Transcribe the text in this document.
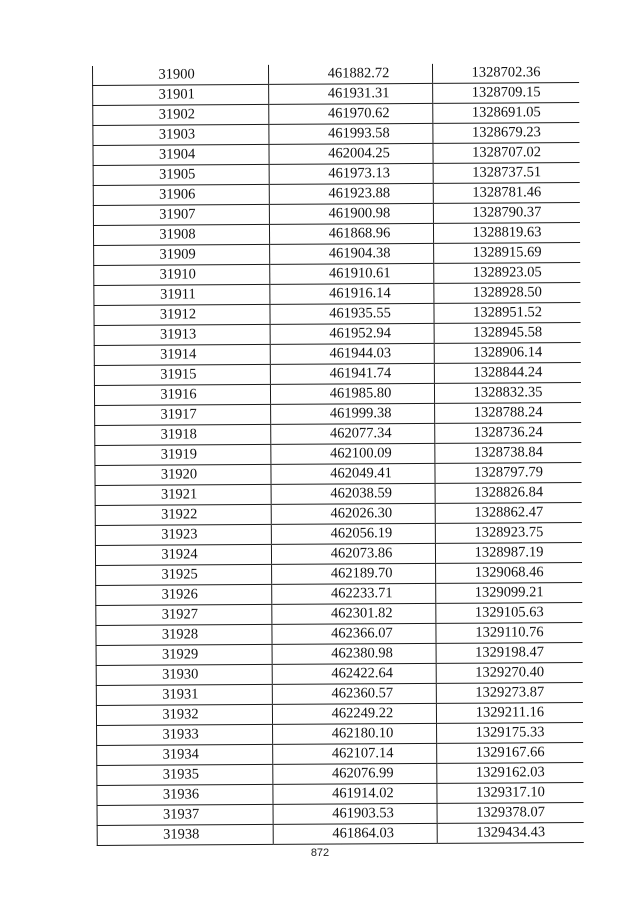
31900	461882.72	1328702.36
31901	461931.31	1328709.15
31902	461970.62	1328691.05
31903	461993.58	1328679.23
31904	462004.25	1328707.02
31905	461973.13	1328737.51
31906	461923.88	1328781.46
31907	461900.98	1328790.37
31908	461868.96	1328819.63
31909	461904.38	1328915.69
31910	461910.61	1328923.05
31911	461916.14	1328928.50
31912	461935.55	1328951.52
31913	461952.94	1328945.58
31914	461944.03	1328906.14
31915	461941.74	1328844.24
31916	461985.80	1328832.35
31917	461999.38	1328788.24
31918	462077.34	1328736.24
31919	462100.09	1328738.84
31920	462049.41	1328797.79
31921	462038.59	1328826.84
31922	462026.30	1328862.47
31923	462056.19	1328923.75
31924	462073.86	1328987.19
31925	462189.70	1329068.46
31926	462233.71	1329099.21
31927	462301.82	1329105.63
31928	462366.07	1329110.76
31929	462380.98	1329198.47
31930	462422.64	1329270.40
31931	462360.57	1329273.87
31932	462249.22	1329211.16
31933	462180.10	1329175.33
31934	462107.14	1329167.66
31935	462076.99	1329162.03
31936	461914.02	1329317.10
31937	461903.53	1329378.07
31938	461864.03	1329434.43
872
